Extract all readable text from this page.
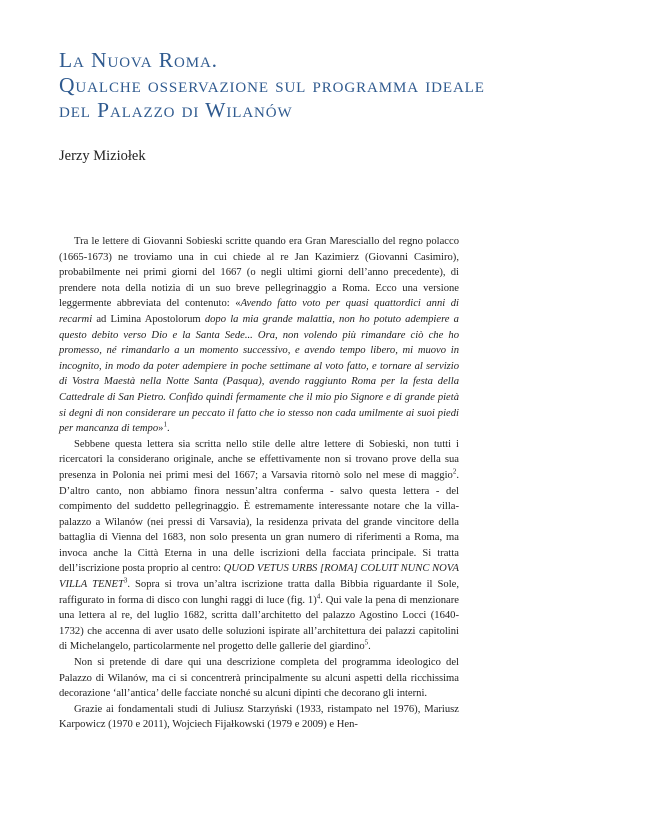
La Nuova Roma.
Qualche osservazione sul programma ideale
del Palazzo di Wilanów

Jerzy Miziołek

Tra le lettere di Giovanni Sobieski scritte quando era Gran Maresciallo del regno polacco (1665-1673) ne troviamo una in cui chiede al re Jan Kazimierz (Giovanni Casimiro), probabilmente nei primi giorni del 1667 (o negli ultimi giorni dell’anno precedente), di prendere nota della notizia di un suo breve pellegrinaggio a Roma. Ecco una versione leggermente abbreviata del contenuto: «Avendo fatto voto per quasi quattordici anni di recarmi ad Limina Apostolorum dopo la mia grande malattia, non ho potuto adempiere a questo debito verso Dio e la Santa Sede... Ora, non volendo più rimandare ciò che ho promesso, né rimandarlo a un momento successivo, e avendo tempo libero, mi muovo in incognito, in modo da poter adempiere in poche settimane al voto fatto, e tornare al servizio di Vostra Maestà nella Notte Santa (Pasqua), avendo raggiunto Roma per la festa della Cattedrale di San Pietro. Confido quindi fermamente che il mio pio Signore e di grande pietà si degni di non considerare un peccato il fatto che io stesso non cada umilmente ai suoi piedi per mancanza di tempo»$^1$.

Sebbene questa lettera sia scritta nello stile delle altre lettere di Sobieski, non tutti i ricercatori la considerano originale, anche se effettivamente non si trovano prove della sua presenza in Polonia nei primi mesi del 1667; a Varsavia ritornò solo nel mese di maggio$^2$. D’altro canto, non abbiamo finora nessun’altra conferma - salvo questa lettera - del compimento del suddetto pellegrinaggio. È estremamente interessante notare che la villa-palazzo a Wilanów (nei pressi di Varsavia), la residenza privata del grande vincitore della battaglia di Vienna del 1683, non solo presenta un gran numero di riferimenti a Roma, ma invoca anche la Città Eterna in una delle iscrizioni della facciata principale. Si tratta dell’iscrizione posta proprio al centro: QUOD VETUS URBS [ROMA] COLUIT NUNC NOVA VILLA TENET$^3$. Sopra si trova un’altra iscrizione tratta dalla Bibbia riguardante il Sole, raffigurato in forma di disco con lunghi raggi di luce (fig. 1)$^4$. Qui vale la pena di menzionare una lettera al re, del luglio 1682, scritta dall’architetto del palazzo Agostino Locci (1640-1732) che accenna di aver usato delle soluzioni ispirate all’architettura dei palazzi capitolini di Michelangelo, particolarmente nel progetto delle gallerie del giardino$^5$.

Non si pretende di dare qui una descrizione completa del programma ideologico del Palazzo di Wilanów, ma ci si concentrerà principalmente su alcuni aspetti della ricchissima decorazione ‘all’antica’ delle facciate nonché su alcuni dipinti che decorano gli interni.

Grazie ai fondamentali studi di Juliusz Starzyński (1933, ristampato nel 1976), Mariusz Karpowicz (1970 e 2011), Wojciech Fijałkowski (1979 e 2009) e Hen-
